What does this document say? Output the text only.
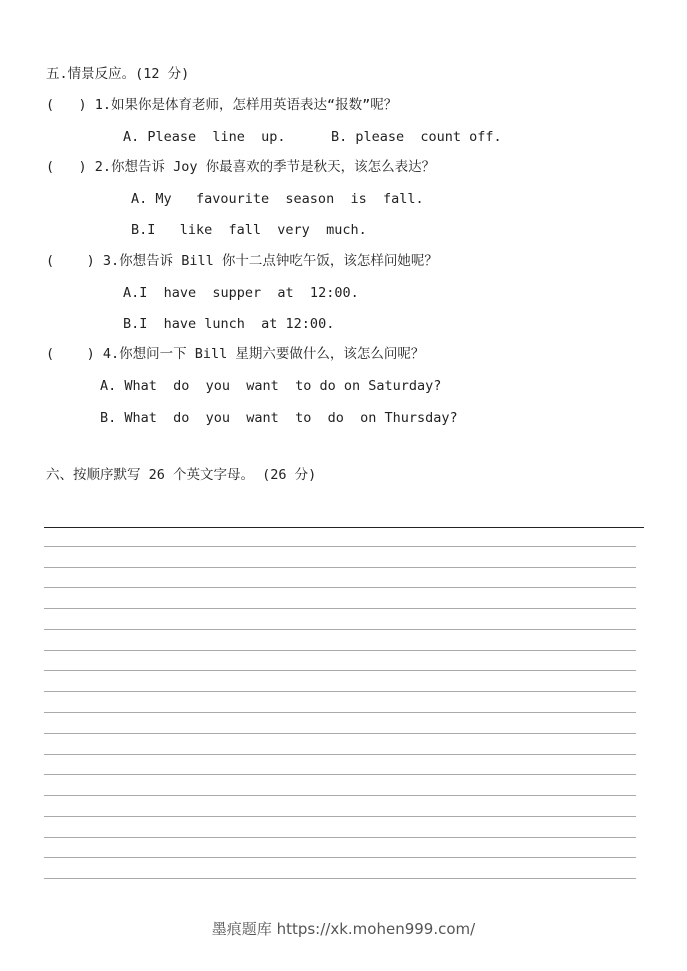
五.情景反应。(12 分)
(   ) 1.如果你是体育老师，怎样用英语表达“报数”呢？
A. Please  line  up.	B. please  count off.
(   ) 2.你想告诉 Joy 你最喜欢的季节是秋天，该怎么表达？
A. My   favourite  season  is  fall.
B.I   like  fall  very  much.
(    ) 3.你想告诉 Bill 你十二点钟吃午饭，该怎样问她呢？
A.I  have  supper  at  12:00.
B.I  have lunch  at 12:00.
(    ) 4.你想问一下 Bill 星期六要做什么，该怎么问呢？
A. What  do  you  want  to do on Saturday?
B. What  do  you  want  to  do  on Thursday?
六、按顺序默写 26 个英文字母。 (26 分)
墨痕题库 https://xk.mohen999.com/
